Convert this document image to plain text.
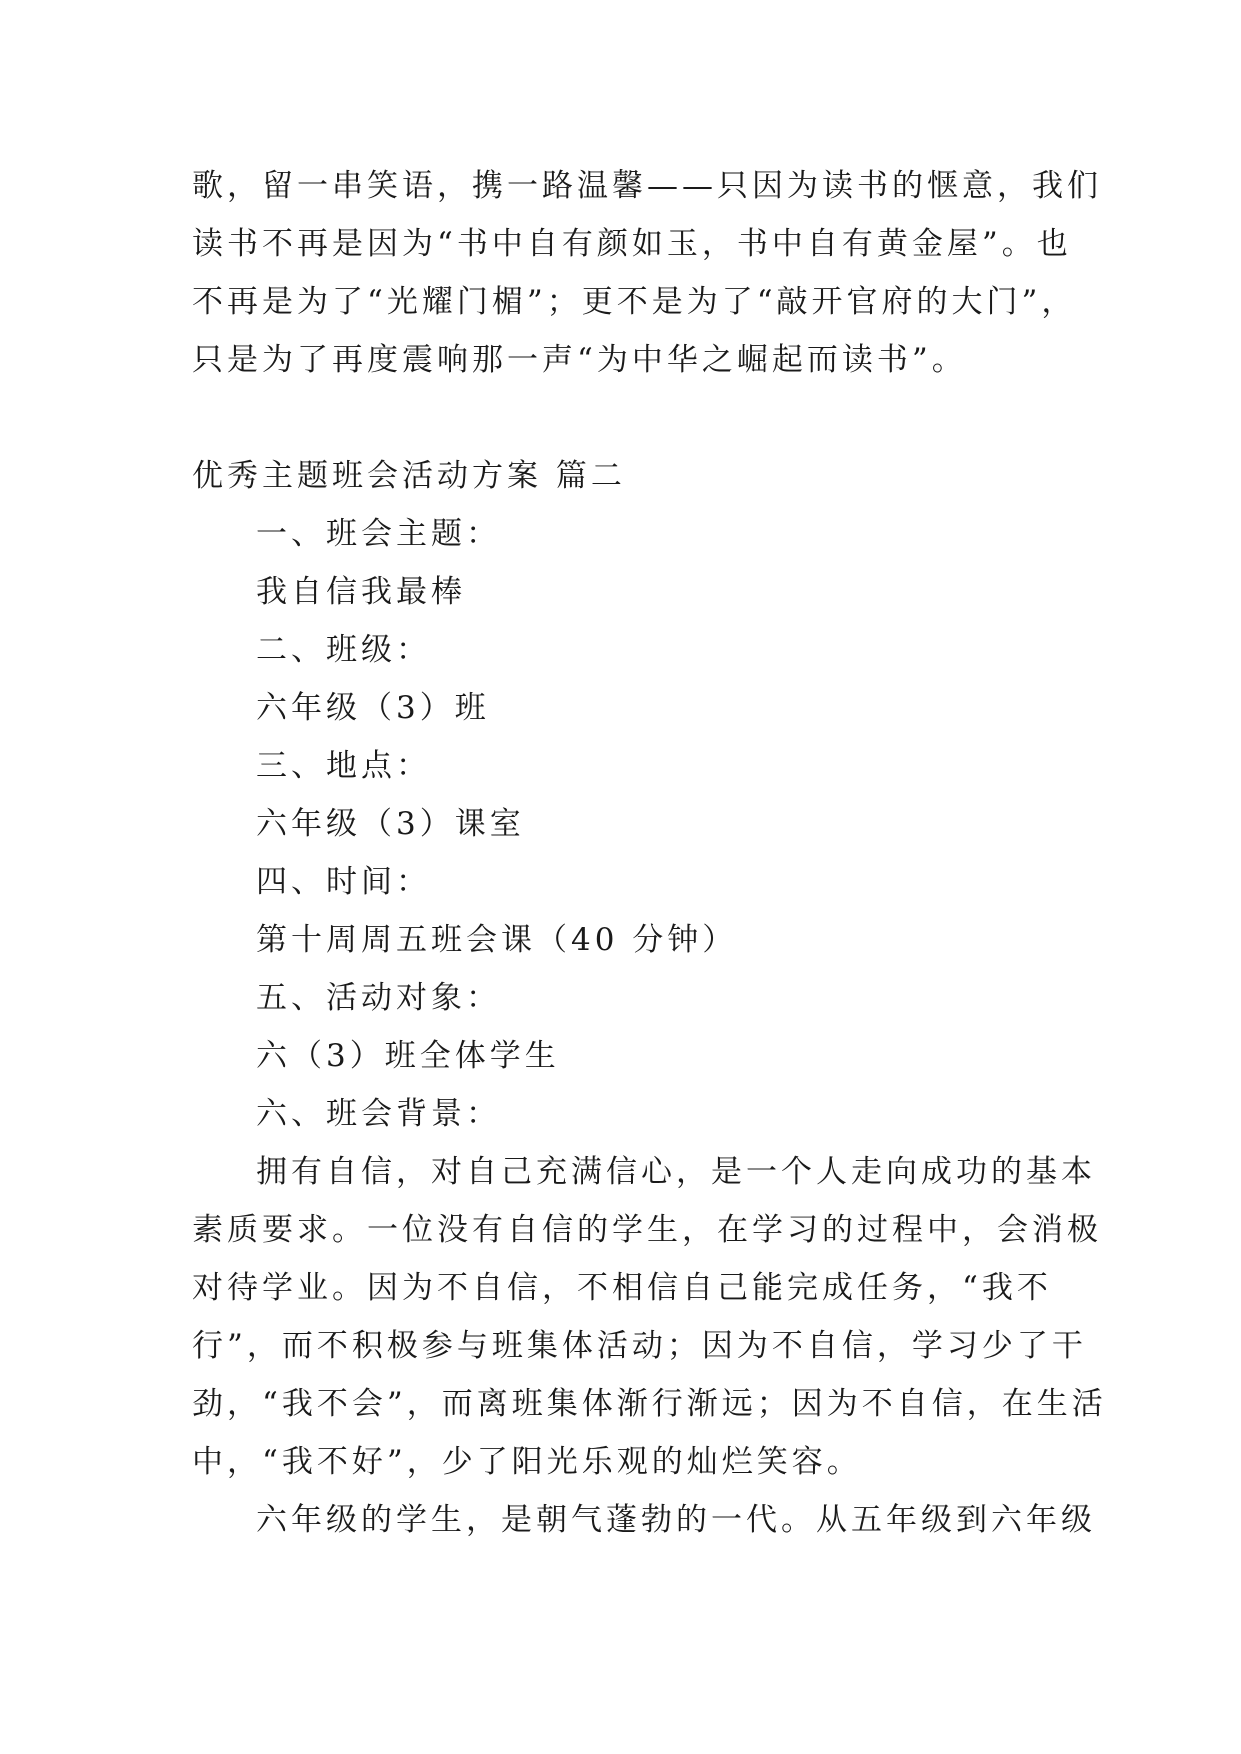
歌，留一串笑语，携一路温馨——只因为读书的惬意，我们
读书不再是因为“书中自有颜如玉，书中自有黄金屋”。也
不再是为了“光耀门楣”；更不是为了“敲开官府的大门”，
只是为了再度震响那一声“为中华之崛起而读书”。
优秀主题班会活动方案 篇二
一、班会主题：
我自信我最棒
二、班级：
六年级（3）班
三、地点：
六年级（3）课室
四、时间：
第十周周五班会课（40 分钟）
五、活动对象：
六（3）班全体学生
六、班会背景：
拥有自信，对自己充满信心，是一个人走向成功的基本
素质要求。一位没有自信的学生，在学习的过程中，会消极
对待学业。因为不自信，不相信自己能完成任务，“我不
行”，而不积极参与班集体活动；因为不自信，学习少了干
劲，“我不会”，而离班集体渐行渐远；因为不自信，在生活
中，“我不好”，少了阳光乐观的灿烂笑容。
六年级的学生，是朝气蓬勃的一代。从五年级到六年级
